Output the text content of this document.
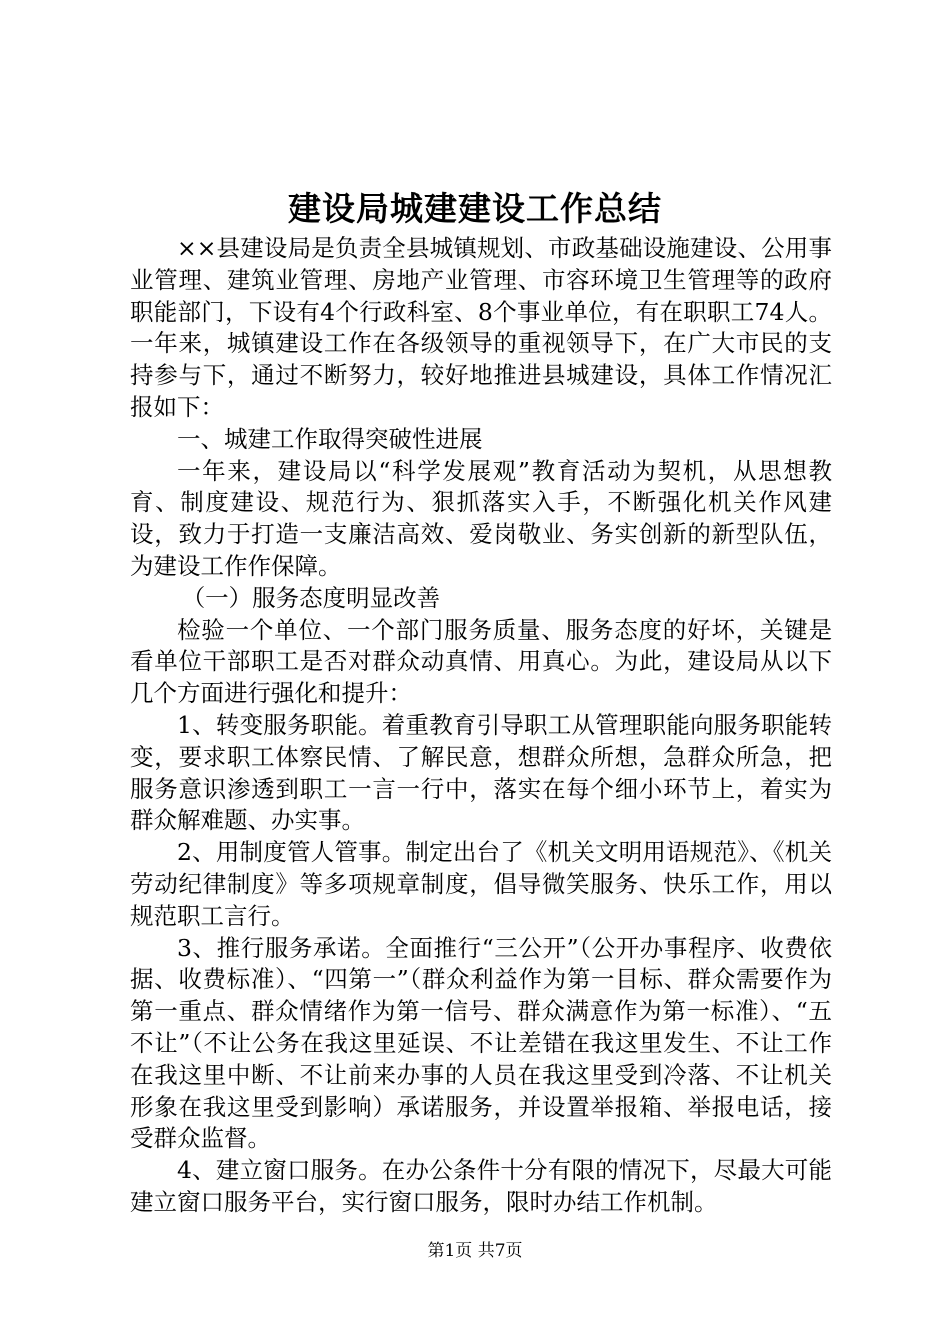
建设局城建建设工作总结

××县建设局是负责全县城镇规划、市政基础设施建设、公用事业管理、建筑业管理、房地产业管理、市容环境卫生管理等的政府职能部门，下设有4个行政科室、8个事业单位，有在职职工74人。一年来，城镇建设工作在各级领导的重视领导下，在广大市民的支持参与下，通过不断努力，较好地推进县城建设，具体工作情况汇报如下：

一、城建工作取得突破性进展

一年来，建设局以“科学发展观”教育活动为契机，从思想教育、制度建设、规范行为、狠抓落实入手，不断强化机关作风建设，致力于打造一支廉洁高效、爱岗敬业、务实创新的新型队伍，为建设工作作保障。

（一）服务态度明显改善

检验一个单位、一个部门服务质量、服务态度的好坏，关键是看单位干部职工是否对群众动真情、用真心。为此，建设局从以下几个方面进行强化和提升：

1、转变服务职能。着重教育引导职工从管理职能向服务职能转变，要求职工体察民情、了解民意，想群众所想，急群众所急，把服务意识渗透到职工一言一行中，落实在每个细小环节上，着实为群众解难题、办实事。

2、用制度管人管事。制定出台了《机关文明用语规范》、《机关劳动纪律制度》等多项规章制度，倡导微笑服务、快乐工作，用以规范职工言行。

3、推行服务承诺。全面推行“三公开”（公开办事程序、收费依据、收费标准）、“四第一”（群众利益作为第一目标、群众需要作为第一重点、群众情绪作为第一信号、群众满意作为第一标准）、“五不让”（不让公务在我这里延误、不让差错在我这里发生、不让工作在我这里中断、不让前来办事的人员在我这里受到冷落、不让机关形象在我这里受到影响）承诺服务，并设置举报箱、举报电话，接受群众监督。

4、建立窗口服务。在办公条件十分有限的情况下，尽最大可能建立窗口服务平台，实行窗口服务，限时办结工作机制。

第1页 共7页
